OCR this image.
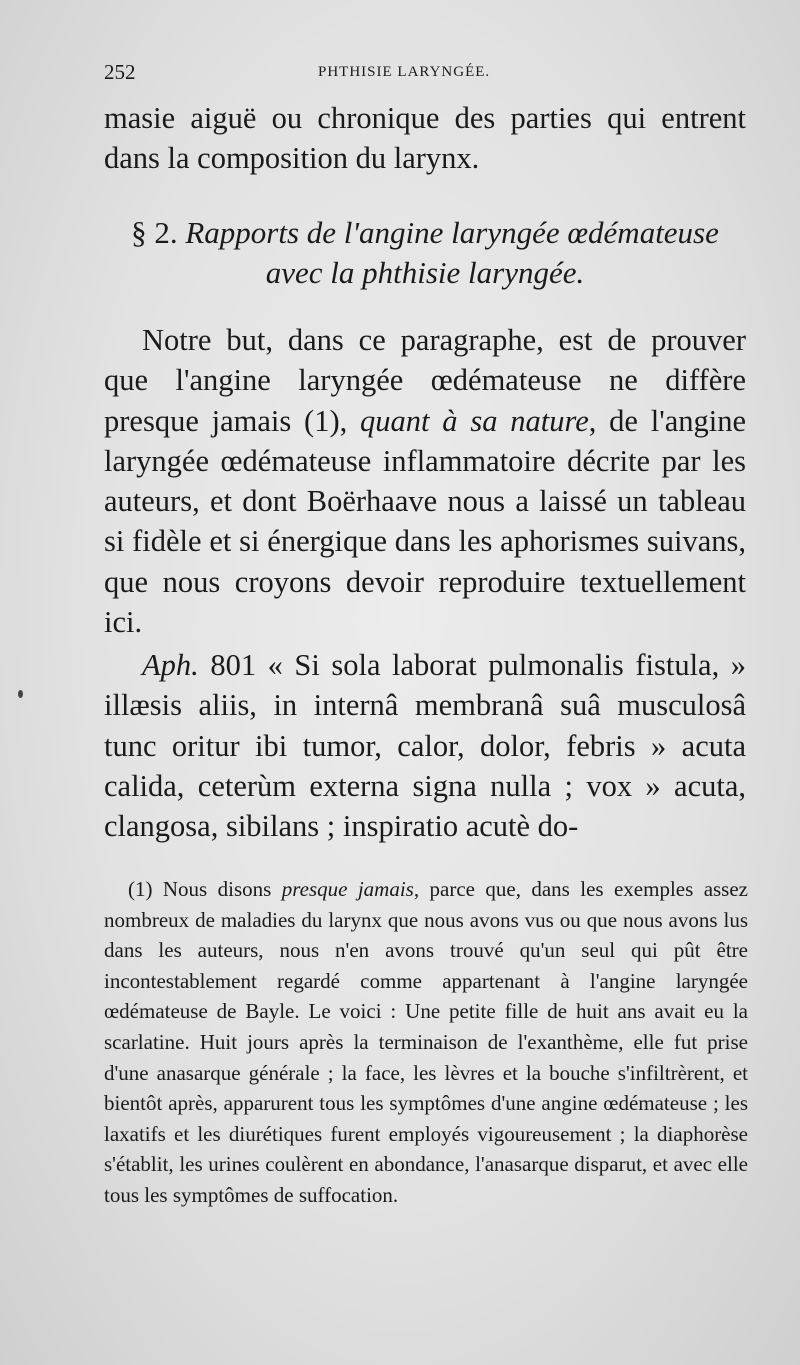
252	PHTHISIE LARYNGÉE.

masie aiguë ou chronique des parties qui entrent dans la composition du larynx.

§ 2. Rapports de l'angine laryngée œdémateuse avec la phthisie laryngée.

Notre but, dans ce paragraphe, est de prouver que l'angine laryngée œdémateuse ne diffère presque jamais (1), quant à sa nature, de l'angine laryngée œdémateuse inflammatoire décrite par les auteurs, et dont Boërhaave nous a laissé un tableau si fidèle et si énergique dans les aphorismes suivans, que nous croyons devoir reproduire textuellement ici.

Aph. 801 « Si sola laborat pulmonalis fistula, » illæsis aliis, in internâ membranâ suâ musculosâ tunc oritur ibi tumor, calor, dolor, febris » acuta calida, ceterùm externa signa nulla ; vox » acuta, clangosa, sibilans ; inspiratio acutè do-

(1) Nous disons presque jamais, parce que, dans les exemples assez nombreux de maladies du larynx que nous avons vus ou que nous avons lus dans les auteurs, nous n'en avons trouvé qu'un seul qui pût être incontestablement regardé comme appartenant à l'angine laryngée œdémateuse de Bayle. Le voici : Une petite fille de huit ans avait eu la scarlatine. Huit jours après la terminaison de l'exanthème, elle fut prise d'une anasarque générale ; la face, les lèvres et la bouche s'infiltrèrent, et bientôt après, apparurent tous les symptômes d'une angine œdémateuse ; les laxatifs et les diurétiques furent employés vigoureusement ; la diaphorèse s'établit, les urines coulèrent en abondance, l'anasarque disparut, et avec elle tous les symptômes de suffocation.
